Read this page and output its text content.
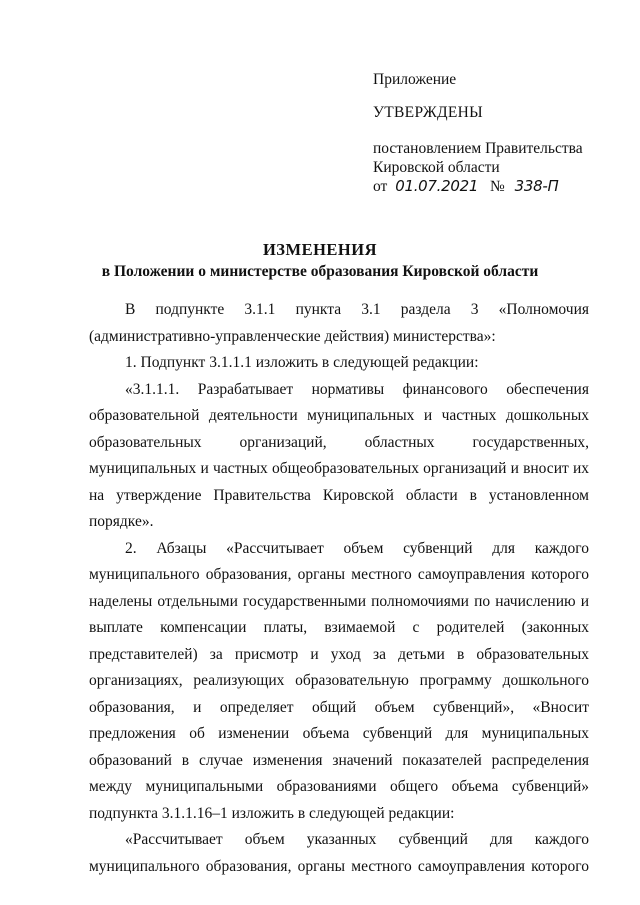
Приложение
УТВЕРЖДЕНЫ
постановлением Правительства
Кировской области
от 01.07.2021 № 338-П
ИЗМЕНЕНИЯ
в Положении о министерстве образования Кировской области

В подпункте 3.1.1 пункта 3.1 раздела 3 «Полномочия (административно-управленческие действия) министерства»:

1. Подпункт 3.1.1.1 изложить в следующей редакции:

«3.1.1.1. Разрабатывает нормативы финансового обеспечения образовательной деятельности муниципальных и частных дошкольных образовательных организаций, областных государственных, муниципальных и частных общеобразовательных организаций и вносит их на утверждение Правительства Кировской области в установленном порядке».

2. Абзацы «Рассчитывает объем субвенций для каждого муниципального образования, органы местного самоуправления которого наделены отдельными государственными полномочиями по начислению и выплате компенсации платы, взимаемой с родителей (законных представителей) за присмотр и уход за детьми в образовательных организациях, реализующих образовательную программу дошкольного образования, и определяет общий объем субвенций», «Вносит предложения об изменении объема субвенций для муниципальных образований в случае изменения значений показателей распределения между муниципальными образованиями общего объема субвенций» подпункта 3.1.1.16–1 изложить в следующей редакции:

«Рассчитывает объем указанных субвенций для каждого муниципального образования, органы местного самоуправления которого
